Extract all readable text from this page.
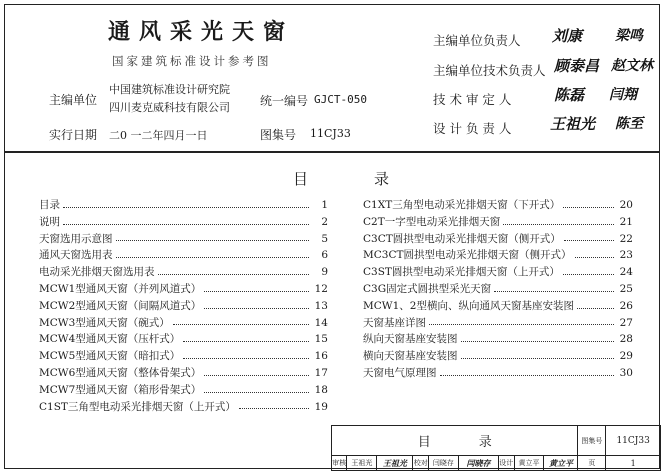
通风采光天窗
国家建筑标准设计参考图
主编单位
中国建筑标准设计研究院
四川麦克威科技有限公司	统一编号 GJCT-050
实行日期 二0 一二年四月一日	图集号 11CJ33
主编单位负责人 刘康 梁鸣
主编单位技术负责人 顾泰昌 赵文林
技 术 审 定 人	陈磊 闫翔
设 计 负 责 人	王祖光 陈至
目	录
目录	1
说明	2
天窗选用示意图	5
通风天窗选用表	6
电动采光排烟天窗选用表	9
MCW1型通风天窗（并列风道式）	12
MCW2型通风天窗（间隔风道式）	13
MCW3型通风天窗（碗式）	14
MCW4型通风天窗（压杆式）	15
MCW5型通风天窗（暗扣式）	16
MCW6型通风天窗（整体骨架式）	17
MCW7型通风天窗（箱形骨架式）	18
C1ST三角型电动采光排烟天窗（上开式）	19
C1XT三角型电动采光排烟天窗（下开式）	20
C2T一字型电动采光排烟天窗	21
C3CT圆拱型电动采光排烟天窗（侧开式）	22
MC3CT圆拱型电动采光排烟天窗（侧开式）	23
C3ST圆拱型电动采光排烟天窗（上开式）	24
C3G固定式圆拱型采光天窗	25
MCW1、2型横向、纵向通风天窗基座安装图	26
天窗基座详图	27
纵向天窗基座安装图	28
横向天窗基座安装图	29
天窗电气原理图	30
目 录									图集号	11CJ33
审核	王祖光	王祖光	校对	闫晓存	闫晓存	设计	黄立平	黄立平	页	1
